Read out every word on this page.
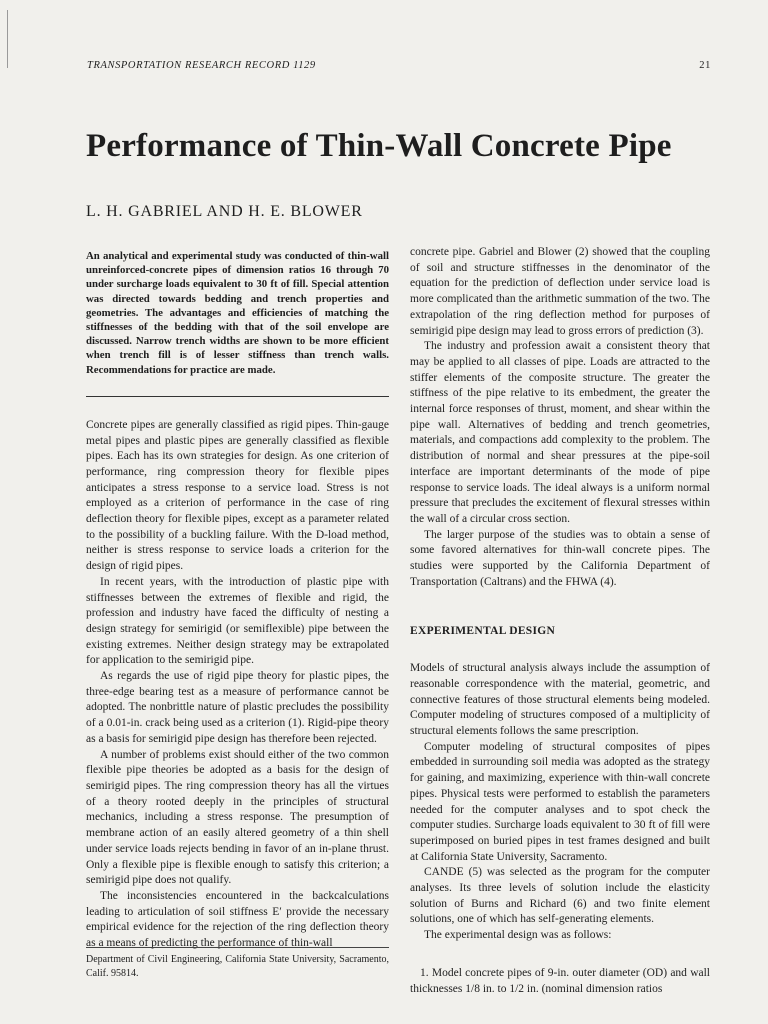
TRANSPORTATION RESEARCH RECORD 1129	21
Performance of Thin-Wall Concrete Pipe
L. H. GABRIEL AND H. E. BLOWER

An analytical and experimental study was conducted of thin-wall unreinforced-concrete pipes of dimension ratios 16 through 70 under surcharge loads equivalent to 30 ft of fill. Special attention was directed towards bedding and trench properties and geometries. The advantages and efficiencies of matching the stiffnesses of the bedding with that of the soil envelope are discussed. Narrow trench widths are shown to be more efficient when trench fill is of lesser stiffness than trench walls. Recommendations for practice are made.

Concrete pipes are generally classified as rigid pipes. Thin-gauge metal pipes and plastic pipes are generally classified as flexible pipes. Each has its own strategies for design. As one criterion of performance, ring compression theory for flexible pipes anticipates a stress response to a service load. Stress is not employed as a criterion of performance in the case of ring deflection theory for flexible pipes, except as a parameter related to the possibility of a buckling failure. With the D-load method, neither is stress response to service loads a criterion for the design of rigid pipes.

In recent years, with the introduction of plastic pipe with stiffnesses between the extremes of flexible and rigid, the profession and industry have faced the difficulty of nesting a design strategy for semirigid (or semiflexible) pipe between the existing extremes. Neither design strategy may be extrapolated for application to the semirigid pipe.

As regards the use of rigid pipe theory for plastic pipes, the three-edge bearing test as a measure of performance cannot be adopted. The nonbrittle nature of plastic precludes the possibility of a 0.01-in. crack being used as a criterion (1). Rigid-pipe theory as a basis for semirigid pipe design has therefore been rejected.

A number of problems exist should either of the two common flexible pipe theories be adopted as a basis for the design of semirigid pipes. The ring compression theory has all the virtues of a theory rooted deeply in the principles of structural mechanics, including a stress response. The presumption of membrane action of an easily altered geometry of a thin shell under service loads rejects bending in favor of an in-plane thrust. Only a flexible pipe is flexible enough to satisfy this criterion; a semirigid pipe does not qualify.

The inconsistencies encountered in the backcalculations leading to articulation of soil stiffness E′ provide the necessary empirical evidence for the rejection of the ring deflection theory as a means of predicting the performance of thin-wall

concrete pipe. Gabriel and Blower (2) showed that the coupling of soil and structure stiffnesses in the denominator of the equation for the prediction of deflection under service load is more complicated than the arithmetic summation of the two. The extrapolation of the ring deflection method for purposes of semirigid pipe design may lead to gross errors of prediction (3).

The industry and profession await a consistent theory that may be applied to all classes of pipe. Loads are attracted to the stiffer elements of the composite structure. The greater the stiffness of the pipe relative to its embedment, the greater the internal force responses of thrust, moment, and shear within the pipe wall. Alternatives of bedding and trench geometries, materials, and compactions add complexity to the problem. The distribution of normal and shear pressures at the pipe-soil interface are important determinants of the mode of pipe response to service loads. The ideal always is a uniform normal pressure that precludes the excitement of flexural stresses within the wall of a circular cross section.

The larger purpose of the studies was to obtain a sense of some favored alternatives for thin-wall concrete pipes. The studies were supported by the California Department of Transportation (Caltrans) and the FHWA (4).

EXPERIMENTAL DESIGN

Models of structural analysis always include the assumption of reasonable correspondence with the material, geometric, and connective features of those structural elements being modeled. Computer modeling of structures composed of a multiplicity of structural elements follows the same prescription.

Computer modeling of structural composites of pipes embedded in surrounding soil media was adopted as the strategy for gaining, and maximizing, experience with thin-wall concrete pipes. Physical tests were performed to establish the parameters needed for the computer analyses and to spot check the computer studies. Surcharge loads equivalent to 30 ft of fill were superimposed on buried pipes in test frames designed and built at California State University, Sacramento.

CANDE (5) was selected as the program for the computer analyses. Its three levels of solution include the elasticity solution of Burns and Richard (6) and two finite element solutions, one of which has self-generating elements.

The experimental design was as follows:

1. Model concrete pipes of 9-in. outer diameter (OD) and wall thicknesses 1/8 in. to 1/2 in. (nominal dimension ratios

Department of Civil Engineering, California State University, Sacramento, Calif. 95814.
